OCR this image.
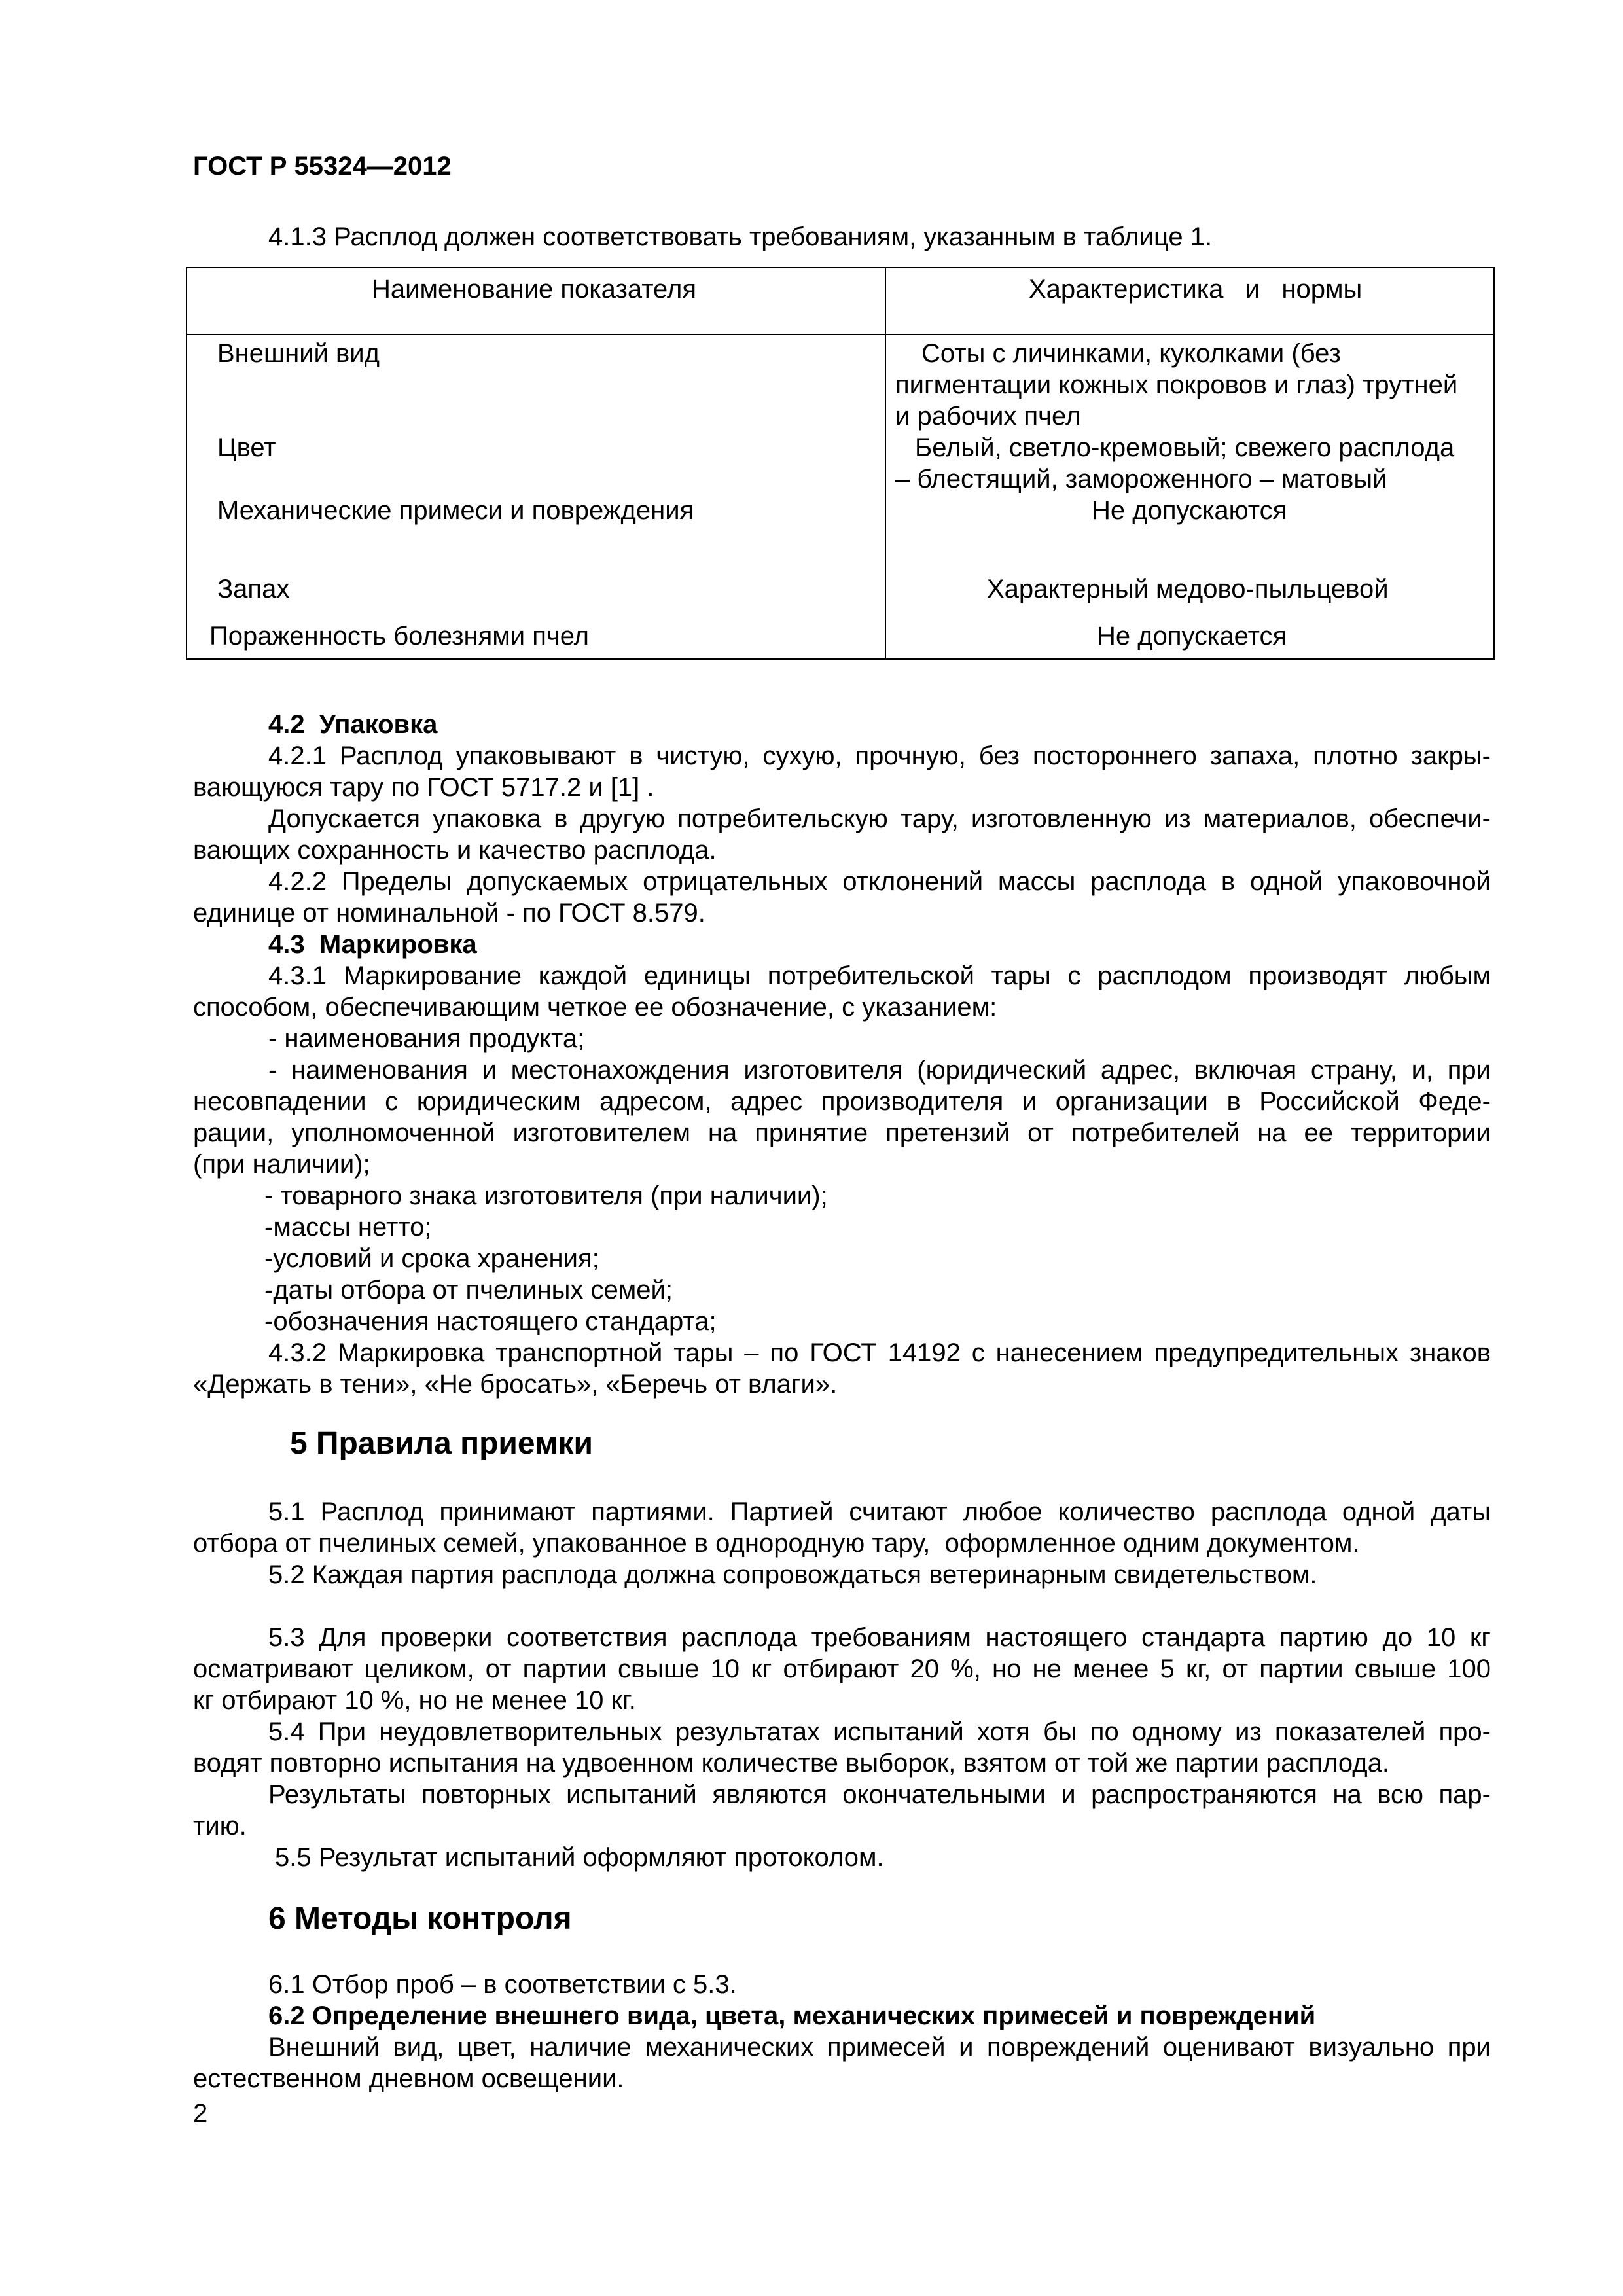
ГОСТ Р 55324—2012
4.1.3 Расплод должен соответствовать требованиям, указанным в таблице 1.
Наименование показателя	Характеристика   и   нормы
Внешний вид	Соты с личинками, куколками (без
пигментации кожных покровов и глаз) трутней
и рабочих пчел
Цвет	Белый, светло-кремовый; свежего расплода
– блестящий, замороженного – матовый
Механические примеси и повреждения	Не допускаются
Запах	Характерный медово-пыльцевой
Пораженность болезнями пчел	Не допускается
4.2  Упаковка
4.2.1 Расплод упаковывают в чистую, сухую, прочную, без постороннего запаха, плотно закры-
вающуюся тару по ГОСТ 5717.2 и [1] .
Допускается упаковка в другую потребительскую тару, изготовленную из материалов, обеспечи-
вающих сохранность и качество расплода.
4.2.2 Пределы допускаемых отрицательных отклонений массы расплода в одной упаковочной
единице от номинальной - по ГОСТ 8.579.
4.3  Маркировка
4.3.1 Маркирование каждой единицы потребительской тары с расплодом производят любым
способом, обеспечивающим четкое ее обозначение, с указанием:
- наименования продукта;
- наименования и местонахождения изготовителя (юридический адрес, включая страну, и, при
несовпадении с юридическим адресом, адрес производителя и организации в Российской Феде-
рации, уполномоченной изготовителем на принятие претензий от потребителей на ее территории
(при наличии);
- товарного знака изготовителя (при наличии);
-массы нетто;
-условий и срока хранения;
-даты отбора от пчелиных семей;
-обозначения настоящего стандарта;
4.3.2 Маркировка транспортной тары – по ГОСТ 14192 с нанесением предупредительных знаков
«Держать в тени», «Не бросать», «Беречь от влаги».
5 Правила приемки
5.1 Расплод принимают партиями. Партией считают любое количество расплода одной даты
отбора от пчелиных семей, упакованное в однородную тару,  оформленное одним документом.
5.2 Каждая партия расплода должна сопровождаться ветеринарным свидетельством.
5.3 Для проверки соответствия расплода требованиям настоящего стандарта партию до 10 кг
осматривают целиком, от партии свыше 10 кг отбирают 20 %, но не менее 5 кг, от партии свыше 100
кг отбирают 10 %, но не менее 10 кг.
5.4 При неудовлетворительных результатах испытаний хотя бы по одному из показателей про-
водят повторно испытания на удвоенном количестве выборок, взятом от той же партии расплода.
Результаты повторных испытаний являются окончательными и распространяются на всю пар-
тию.
5.5 Результат испытаний оформляют протоколом.
6 Методы контроля
6.1 Отбор проб – в соответствии с 5.3.
6.2 Определение внешнего вида, цвета, механических примесей и повреждений
Внешний вид, цвет, наличие механических примесей и повреждений оценивают визуально при
естественном дневном освещении.
2
